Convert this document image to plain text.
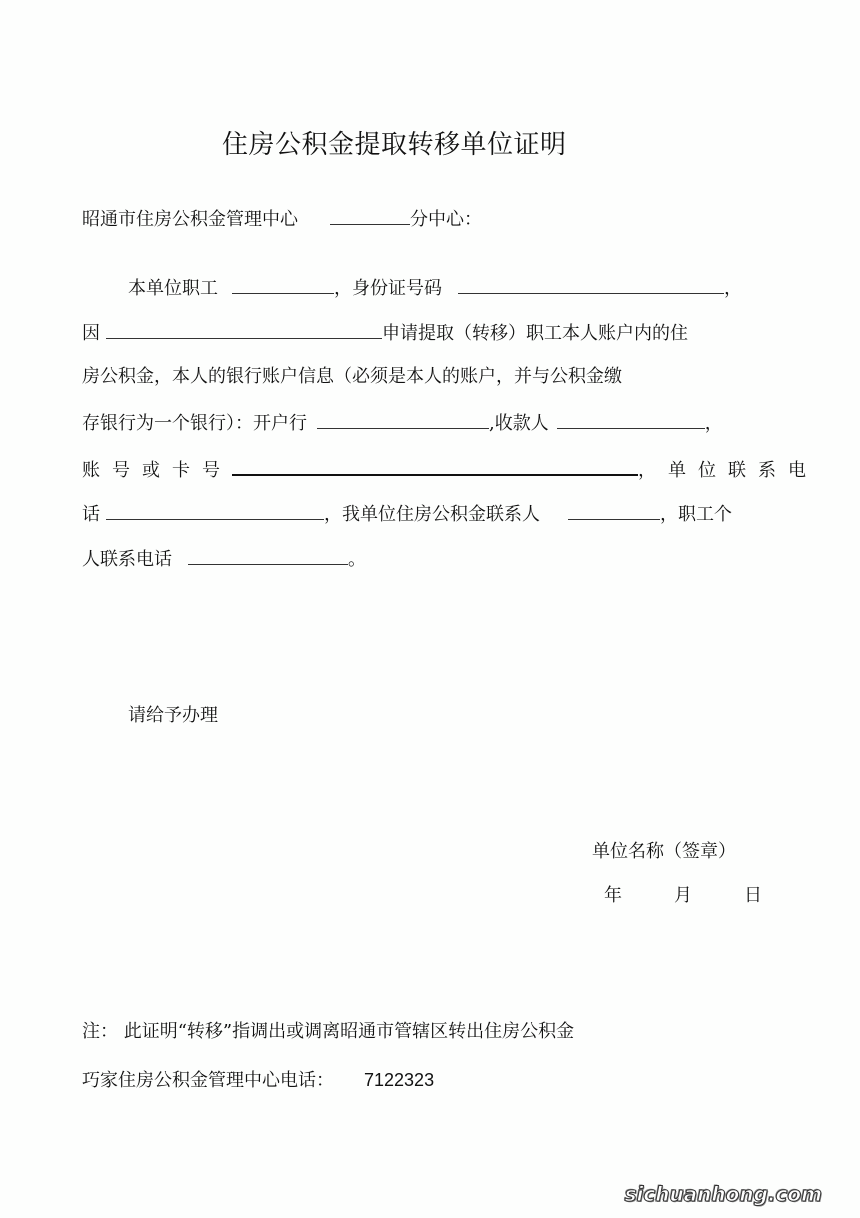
住房公积金提取转移单位证明
昭通市住房公积金管理中心	分中心：
本单位职工	，身份证号码	，
因	申请提取（转移）职工本人账户内的住
房公积金，本人的银行账户信息（必须是本人的账户，并与公积金缴
存银行为一个银行）：开户行	,收款人	，
账号或卡号	，单位联系电
话	，我单位住房公积金联系人	，职工个
人联系电话	。
请给予办理
单位名称（签章）
年	月	日
注： 此证明“转移”指调出或调离昭通市管辖区转出住房公积金
巧家住房公积金管理中心电话： 7122323
sichuanhong.com
